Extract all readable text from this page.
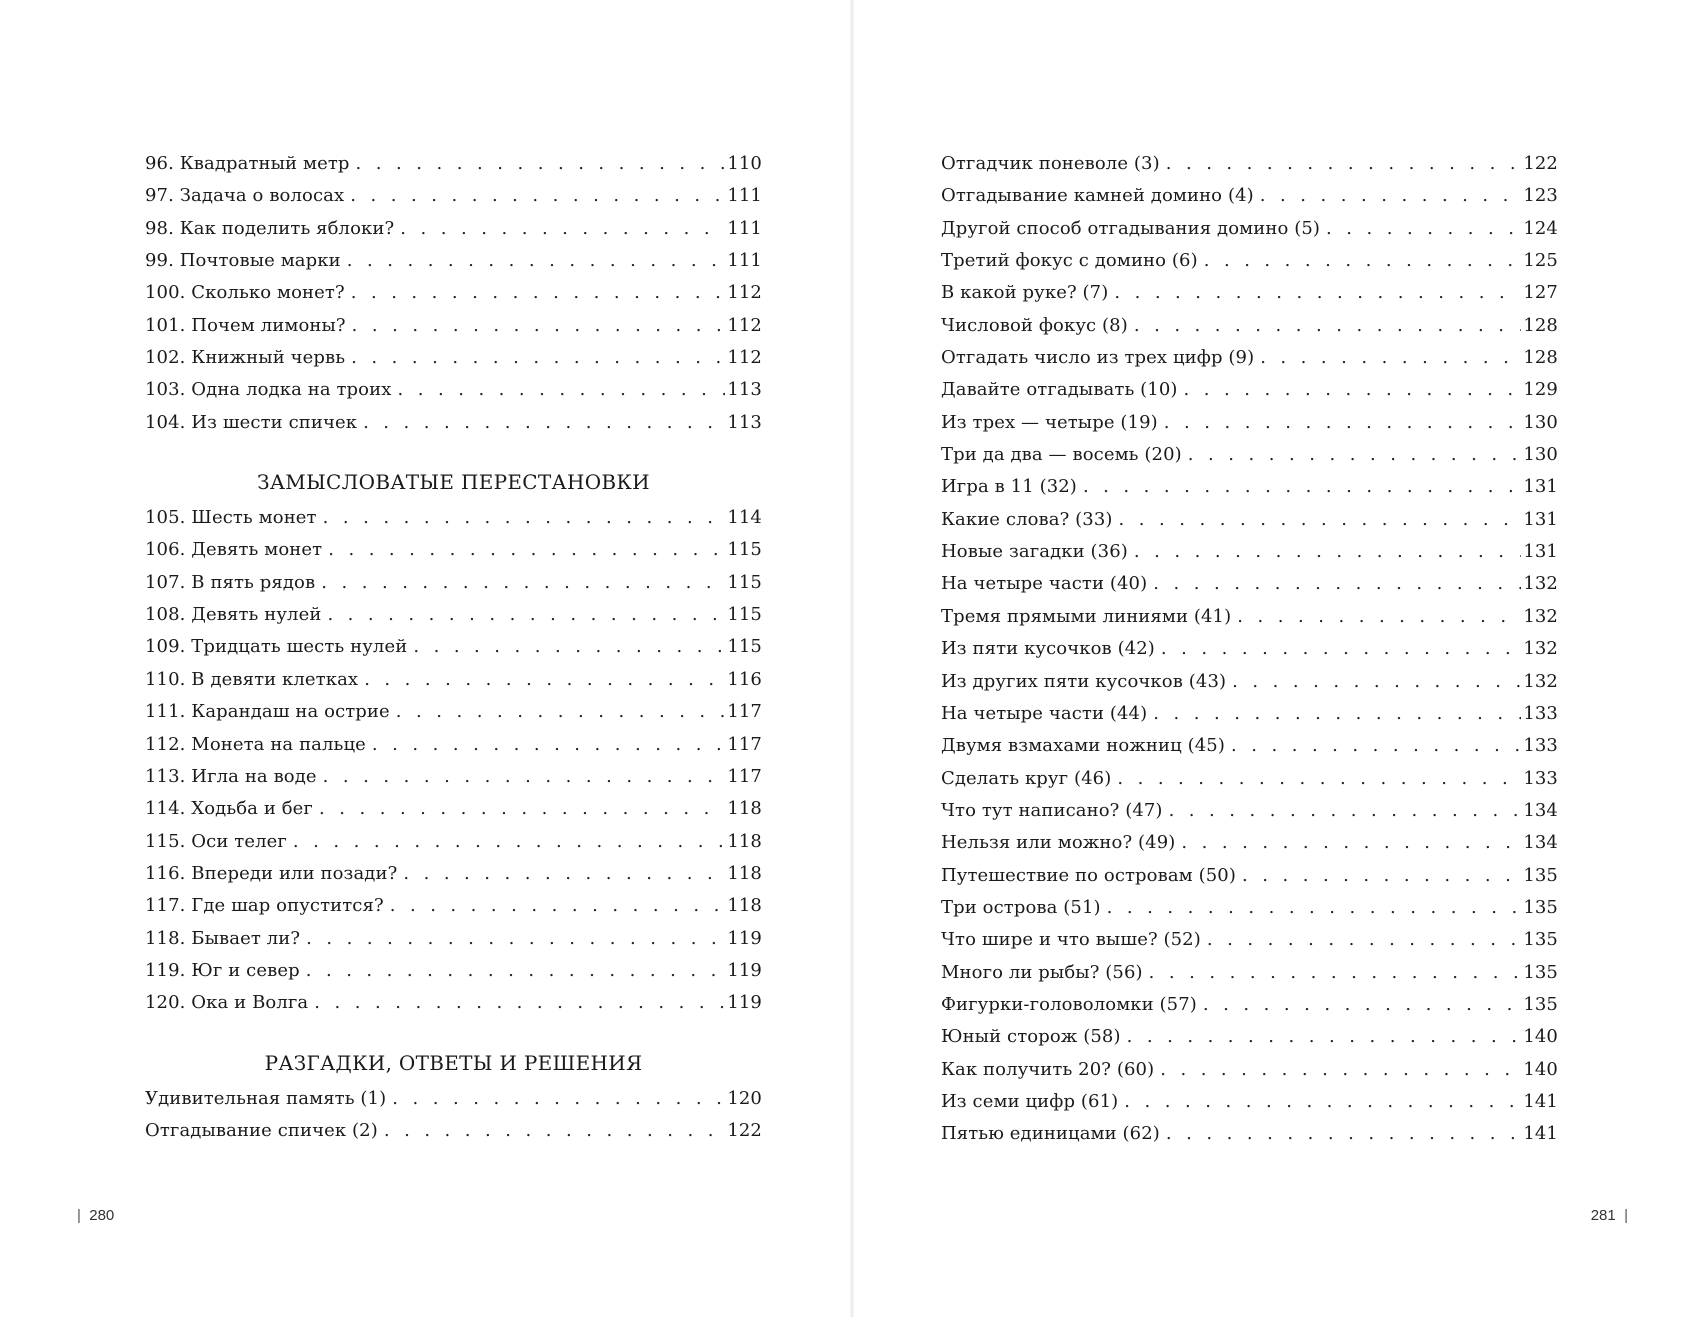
96. Квадратный метр . . .	110
97. Задача о волосах . . .	111
98. Как поделить яблоки? . . .	111
99. Почтовые марки . . .	111
100. Сколько монет? . . .	112
101. Почем лимоны? . . .	112
102. Книжный червь . . .	112
103. Одна лодка на троих . . .	113
104. Из шести спичек . . .	113
ЗАМЫСЛОВАТЫЕ ПЕРЕСТАНОВКИ
105. Шесть монет . . .	114
106. Девять монет . . .	115
107. В пять рядов . . .	115
108. Девять нулей . . .	115
109. Тридцать шесть нулей . . .	115
110. В девяти клетках . . .	116
111. Карандаш на острие . . .	117
112. Монета на пальце . . .	117
113. Игла на воде . . .	117
114. Ходьба и бег . . .	118
115. Оси телег . . .	118
116. Впереди или позади? . . .	118
117. Где шар опустится? . . .	118
118. Бывает ли? . . .	119
119. Юг и север . . .	119
120. Ока и Волга . . .	119
РАЗГАДКИ, ОТВЕТЫ И РЕШЕНИЯ
Удивительная память (1) . . .	120
Отгадывание спичек (2) . . .	122
| 280
Отгадчик поневоле (3) . . .	122
Отгадывание камней домино (4) . . .	123
Другой способ отгадывания домино (5) . . .	124
Третий фокус с домино (6) . . .	125
В какой руке? (7) . . .	127
Числовой фокус (8) . . .	128
Отгадать число из трех цифр (9) . . .	128
Давайте отгадывать (10) . . .	129
Из трех — четыре (19) . . .	130
Три да два — восемь (20) . . .	130
Игра в 11 (32) . . .	131
Какие слова? (33) . . .	131
Новые загадки (36) . . .	131
На четыре части (40) . . .	132
Тремя прямыми линиями (41) . . .	132
Из пяти кусочков (42) . . .	132
Из других пяти кусочков (43) . . .	132
На четыре части (44) . . .	133
Двумя взмахами ножниц (45) . . .	133
Сделать круг (46) . . .	133
Что тут написано? (47) . . .	134
Нельзя или можно? (49) . . .	134
Путешествие по островам (50) . . .	135
Три острова (51) . . .	135
Что шире и что выше? (52) . . .	135
Много ли рыбы? (56) . . .	135
Фигурки-головоломки (57) . . .	135
Юный сторож (58) . . .	140
Как получить 20? (60) . . .	140
Из семи цифр (61) . . .	141
Пятью единицами (62) . . .	141
281 |
